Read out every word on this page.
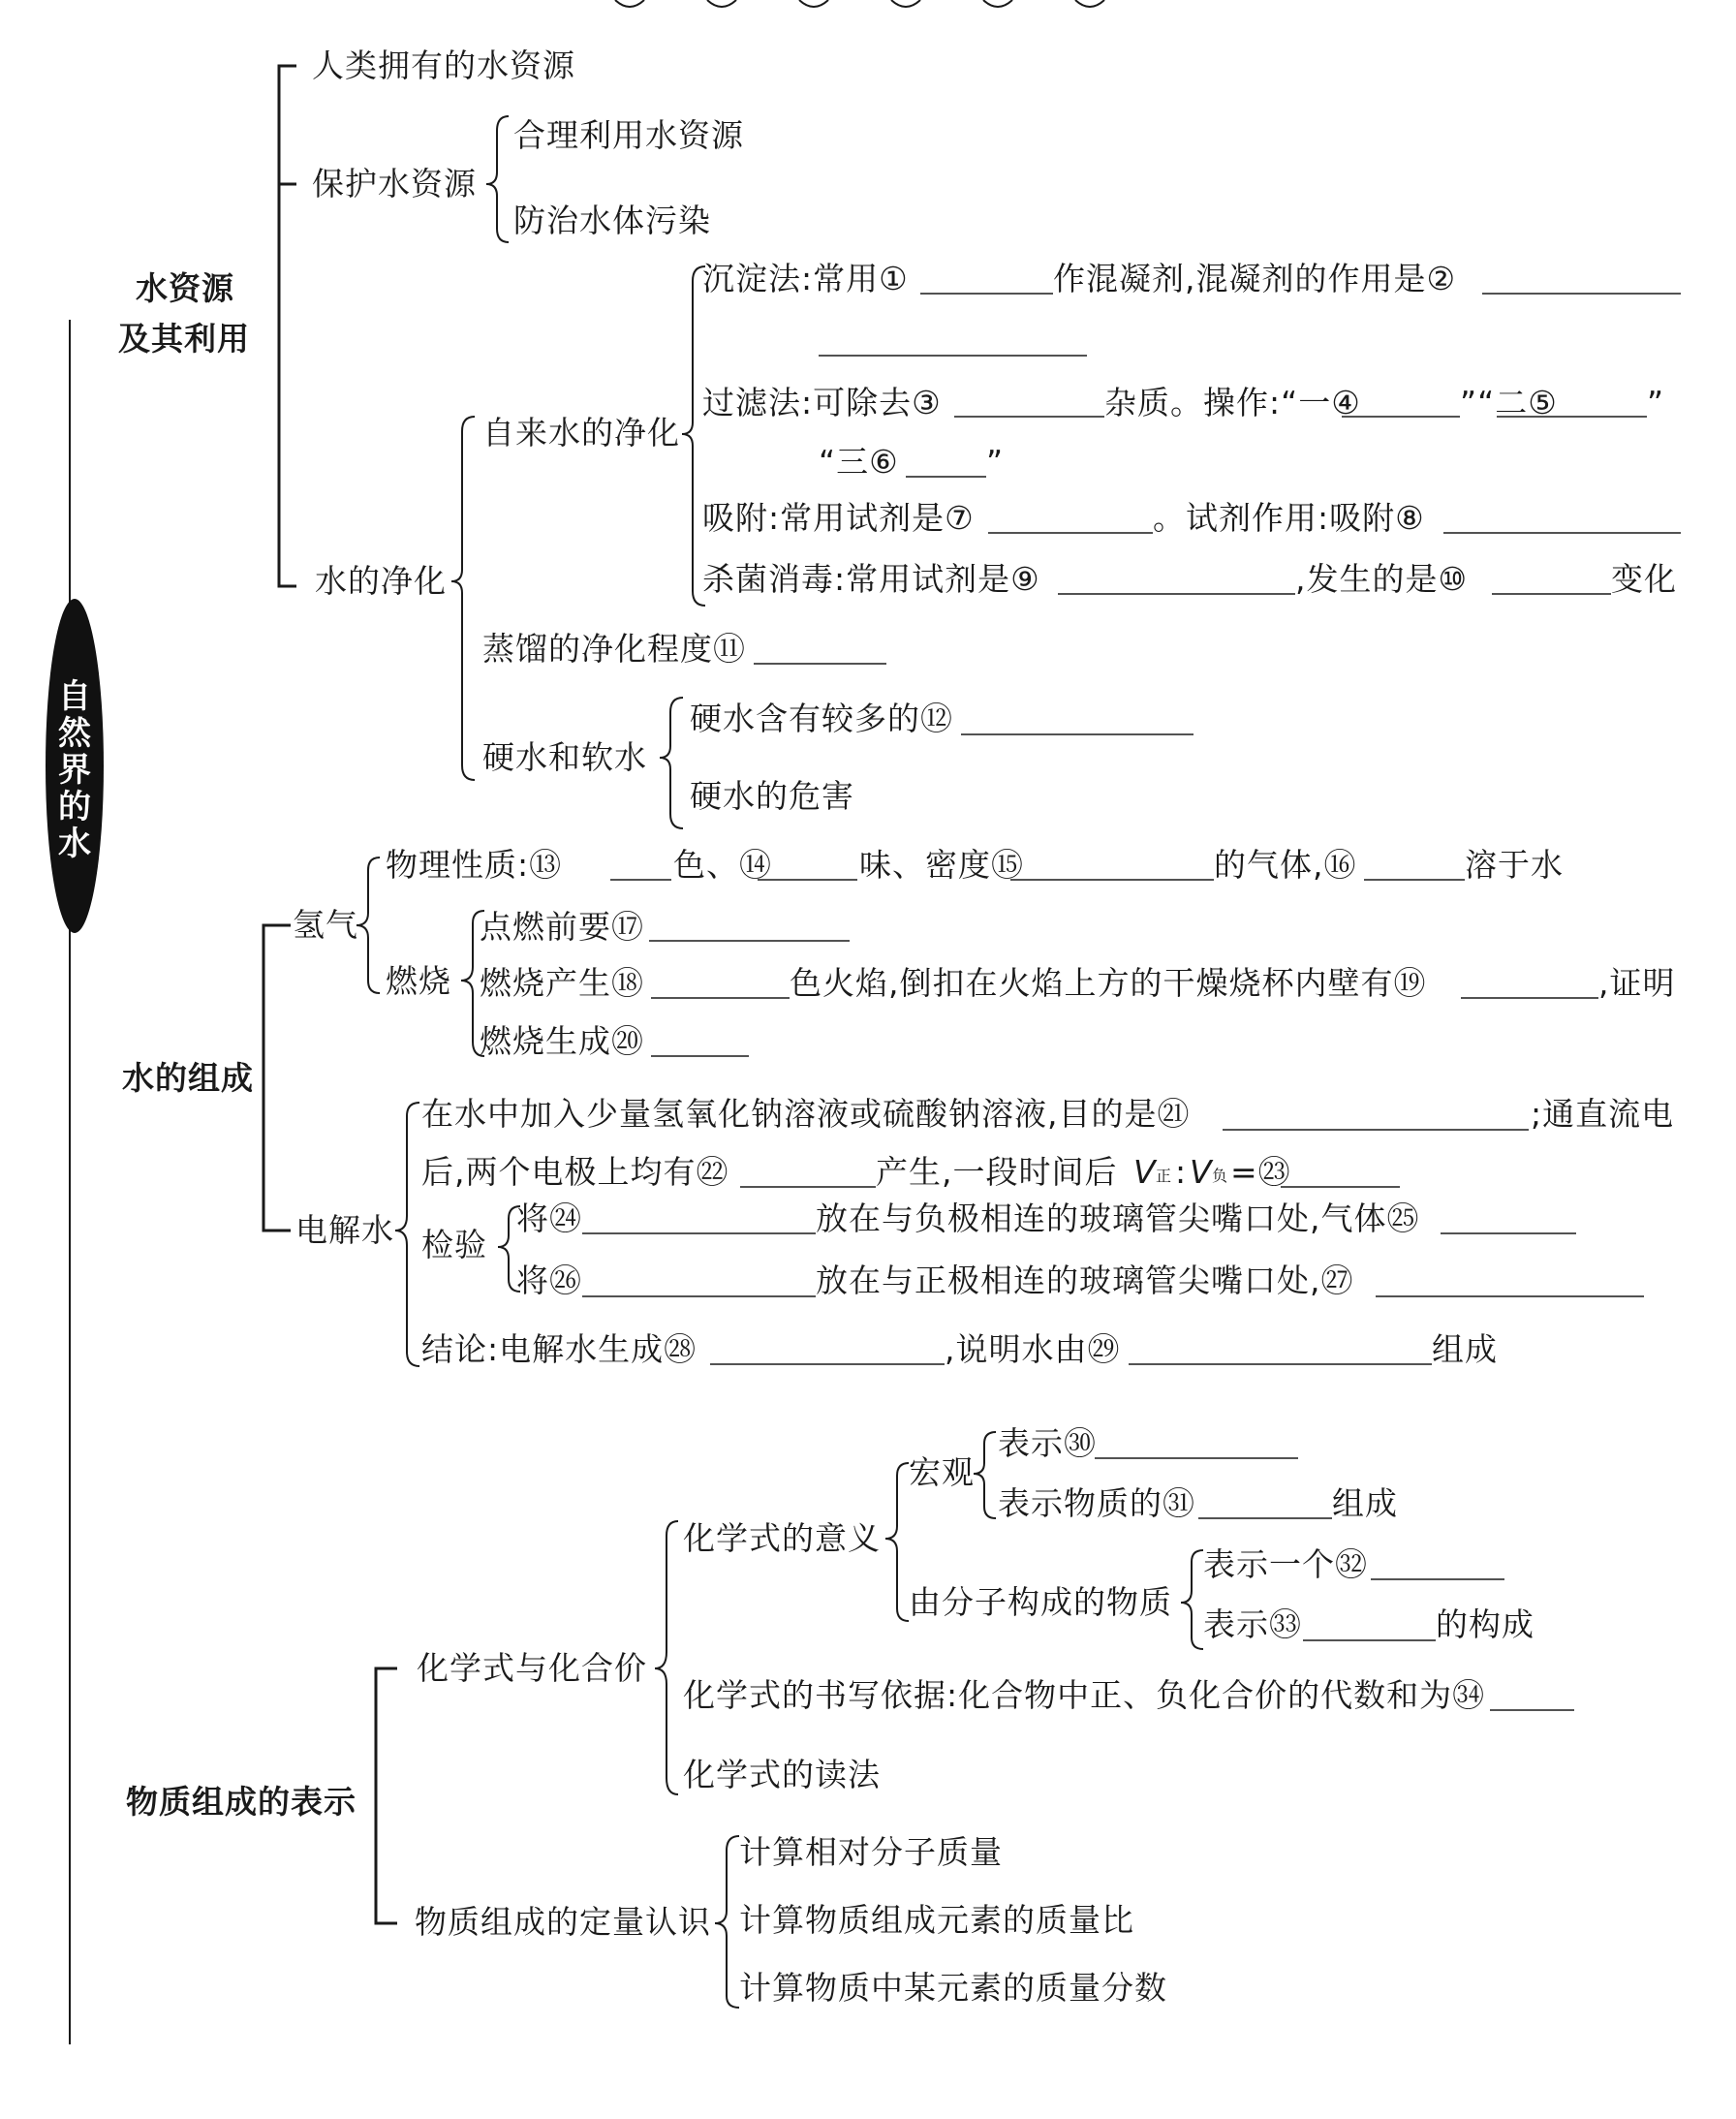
自然界的水
水资源
及其利用
人类拥有的水资源
保护水资源
合理利用水资源
防治水体污染
水的净化
自来水的净化
沉淀法:常用①	作混凝剂,混凝剂的作用是②
过滤法:可除去③	杂质。操作:“一④	”“二⑤	”
“三⑥	”
吸附:常用试剂是⑦	。试剂作用:吸附⑧
杀菌消毒:常用试剂是⑨	,发生的是⑩	变化
蒸馏的净化程度⑪
硬水和软水
硬水含有较多的⑫
硬水的危害
水的组成
氢气
物理性质:⑬	色、⑭	味、密度⑮	的气体,⑯	溶于水
燃烧
点燃前要⑰
燃烧产生⑱	色火焰,倒扣在火焰上方的干燥烧杯内壁有⑲	,证明
燃烧生成⑳
电解水
在水中加入少量氢氧化钠溶液或硫酸钠溶液,目的是㉑	;通直流电
后,两个电极上均有㉒	产生,一段时间后 V 正 : V 负 =㉓
检验
将㉔	放在与负极相连的玻璃管尖嘴口处,气体㉕
将㉖	放在与正极相连的玻璃管尖嘴口处,㉗
结论:电解水生成㉘	,说明水由㉙	组成
物质组成的表示
化学式与化合价
化学式的意义
宏观
表示㉚
表示物质的㉛	组成
由分子构成的物质
表示一个㉜
表示㉝	的构成
化学式的书写依据:化合物中正、负化合价的代数和为㉞
化学式的读法
物质组成的定量认识
计算相对分子质量
计算物质组成元素的质量比
计算物质中某元素的质量分数
